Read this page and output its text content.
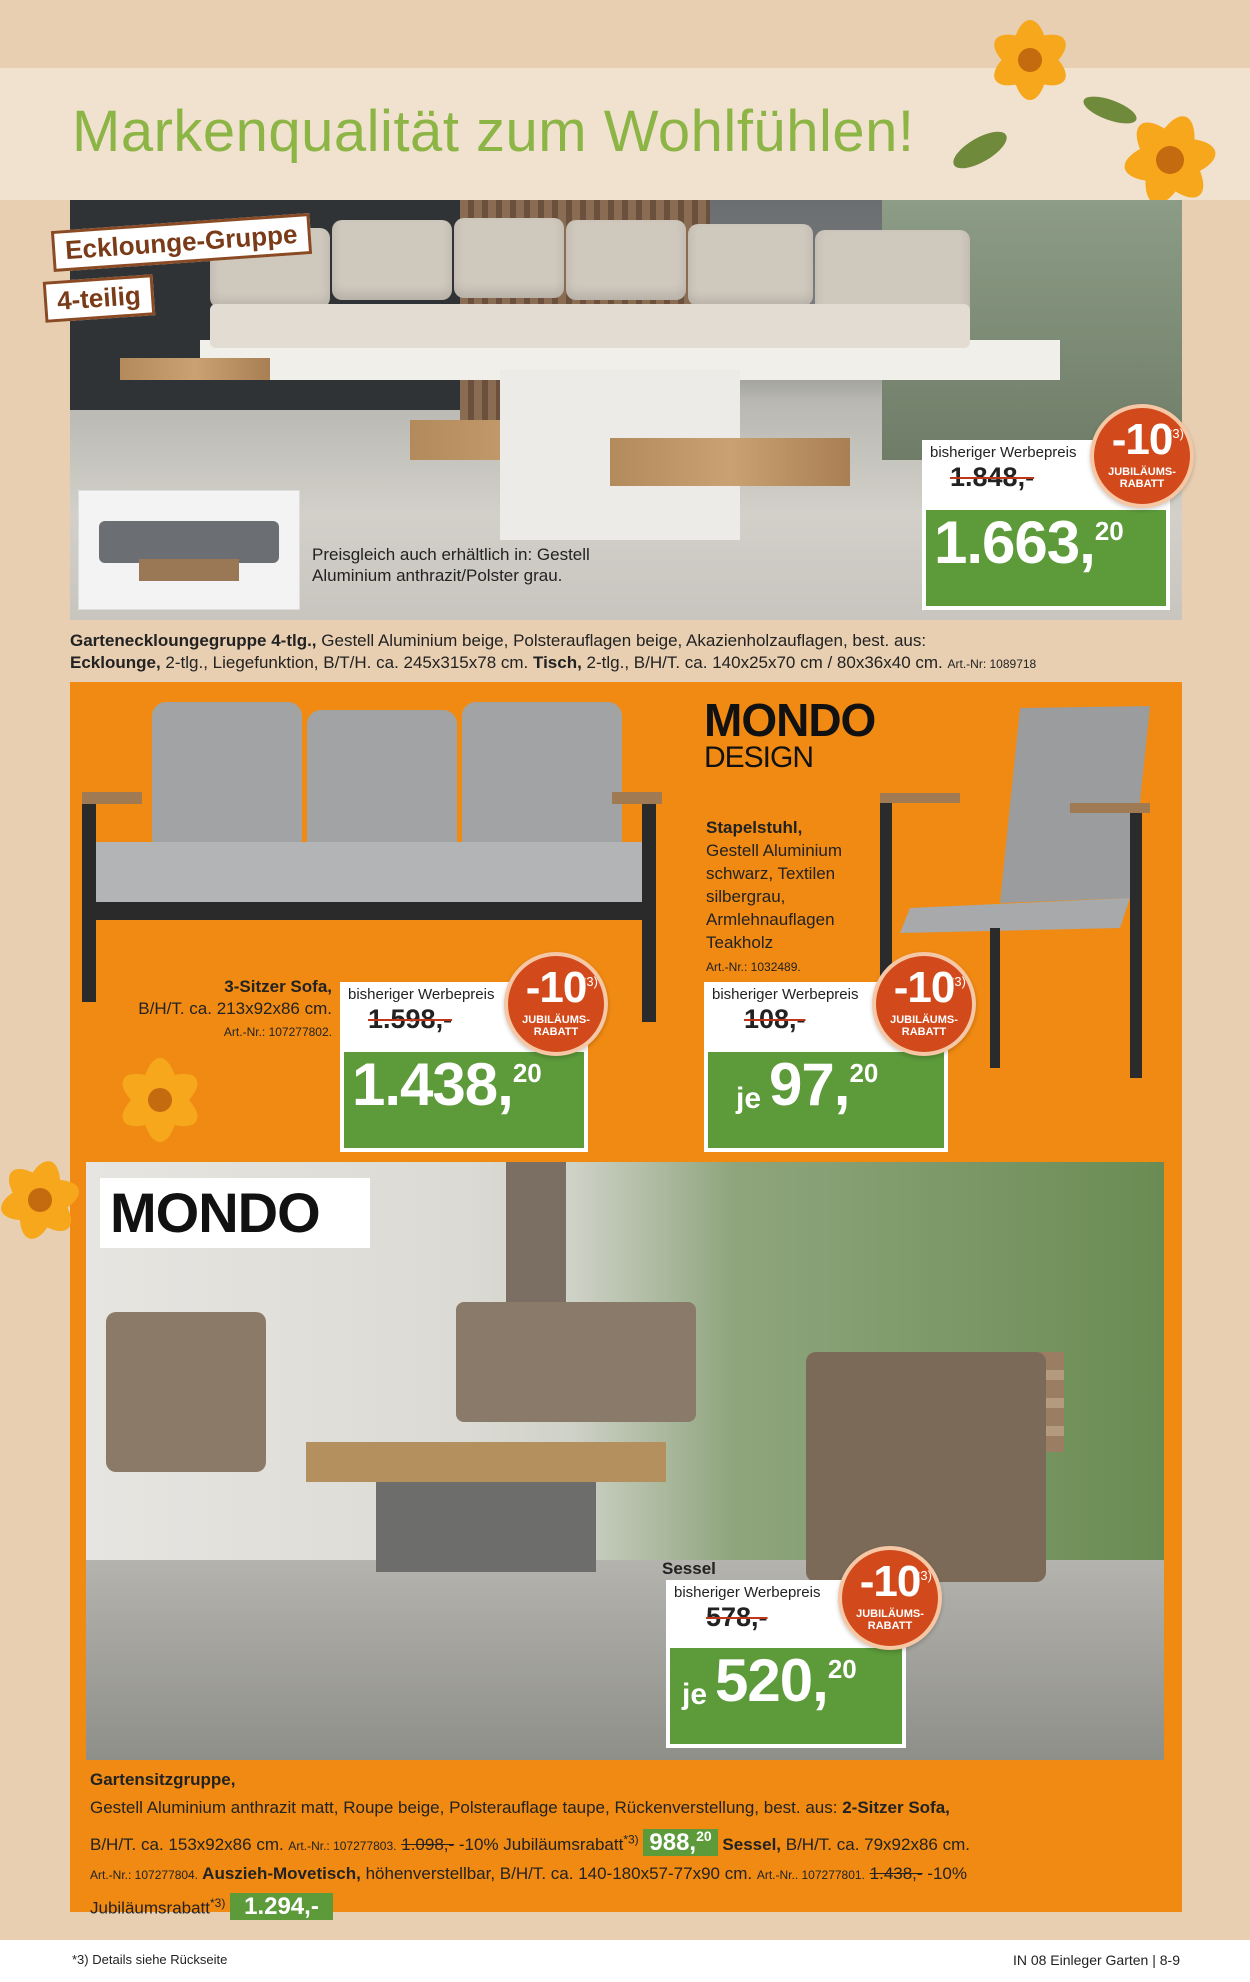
Markenqualität zum Wohlfühlen!
Ecklounge-Gruppe
4-teilig
Preisgleich auch erhältlich in: Gestell Aluminium anthrazit/Polster grau.
bisheriger Werbepreis
1.848,-
1.663, 20
-10
*3)
JUBILÄUMS-
RABATT
Garteneckloungegruppe 4-tlg., Gestell Aluminium beige, Polsterauflagen beige, Akazienholzauflagen, best. aus:
Ecklounge, 2-tlg., Liegefunktion, B/T/H. ca. 245x315x78 cm. Tisch, 2-tlg., B/H/T. ca. 140x25x70 cm / 80x36x40 cm. Art.-Nr: 1089718
3-Sitzer Sofa,
B/H/T. ca. 213x92x86 cm.
Art.-Nr.: 107277802.
bisheriger Werbepreis
1.598,-
1.438, 20
-10
*3)
JUBILÄUMS-
RABATT
MONDO
DESIGN
Stapelstuhl,
Gestell Aluminium
schwarz, Textilen
silbergrau,
Armlehnauflagen
Teakholz
Art.-Nr.: 1032489.
bisheriger Werbepreis
108,-
je 97, 20
-10
*3)
JUBILÄUMS-
RABATT
MONDO
Sessel
bisheriger Werbepreis
578,-
je 520, 20
-10
*3)
JUBILÄUMS-
RABATT
Gartensitzgruppe,
Gestell Aluminium anthrazit matt, Roupe beige, Polsterauflage taupe, Rückenverstellung, best. aus: 2-Sitzer Sofa,
B/H/T. ca. 153x92x86 cm. Art.-Nr.: 107277803. 1.098,- -10% Jubiläumsrabatt$^{*3)}$ 988,20 Sessel, B/H/T. ca. 79x92x86 cm.
Art.-Nr.: 107277804. Auszieh-Movetisch, höhenverstellbar, B/H/T. ca. 140-180x57-77x90 cm. Art.-Nr.. 107277801. 1.438,- -10%
Jubiläumsrabatt$^{*3)}$ 1.294,-
*3) Details siehe Rückseite	IN 08 Einleger Garten | 8-9
